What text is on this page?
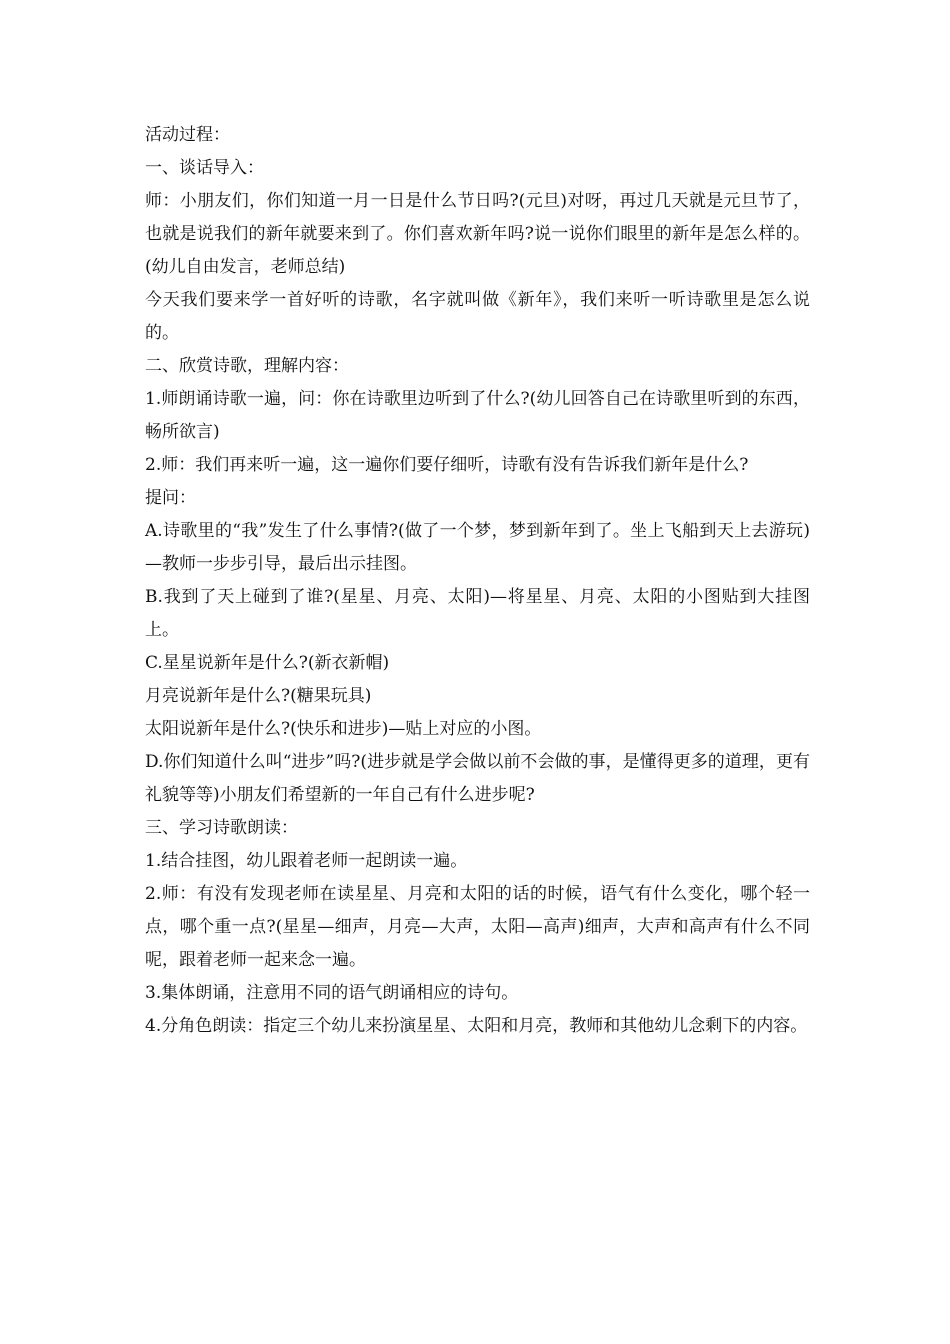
活动过程：

一、谈话导入：

师：小朋友们，你们知道一月一日是什么节日吗?(元旦)对呀，再过几天就是元旦节了，也就是说我们的新年就要来到了。你们喜欢新年吗?说一说你们眼里的新年是怎么样的。(幼儿自由发言，老师总结)

今天我们要来学一首好听的诗歌，名字就叫做《新年》，我们来听一听诗歌里是怎么说的。

二、欣赏诗歌，理解内容：

1.师朗诵诗歌一遍，问：你在诗歌里边听到了什么?(幼儿回答自己在诗歌里听到的东西，畅所欲言)

2.师：我们再来听一遍，这一遍你们要仔细听，诗歌有没有告诉我们新年是什么?

提问：

A.诗歌里的“我”发生了什么事情?(做了一个梦，梦到新年到了。坐上飞船到天上去游玩)—教师一步步引导，最后出示挂图。

B.我到了天上碰到了谁?(星星、月亮、太阳)—将星星、月亮、太阳的小图贴到大挂图上。

C.星星说新年是什么?(新衣新帽)

月亮说新年是什么?(糖果玩具)

太阳说新年是什么?(快乐和进步)—贴上对应的小图。

D.你们知道什么叫“进步”吗?(进步就是学会做以前不会做的事，是懂得更多的道理，更有礼貌等等)小朋友们希望新的一年自己有什么进步呢?

三、学习诗歌朗读：

1.结合挂图，幼儿跟着老师一起朗读一遍。

2.师：有没有发现老师在读星星、月亮和太阳的话的时候，语气有什么变化，哪个轻一点，哪个重一点?(星星—细声，月亮—大声，太阳—高声)细声，大声和高声有什么不同呢，跟着老师一起来念一遍。

3.集体朗诵，注意用不同的语气朗诵相应的诗句。

4.分角色朗读：指定三个幼儿来扮演星星、太阳和月亮，教师和其他幼儿念剩下的内容。
